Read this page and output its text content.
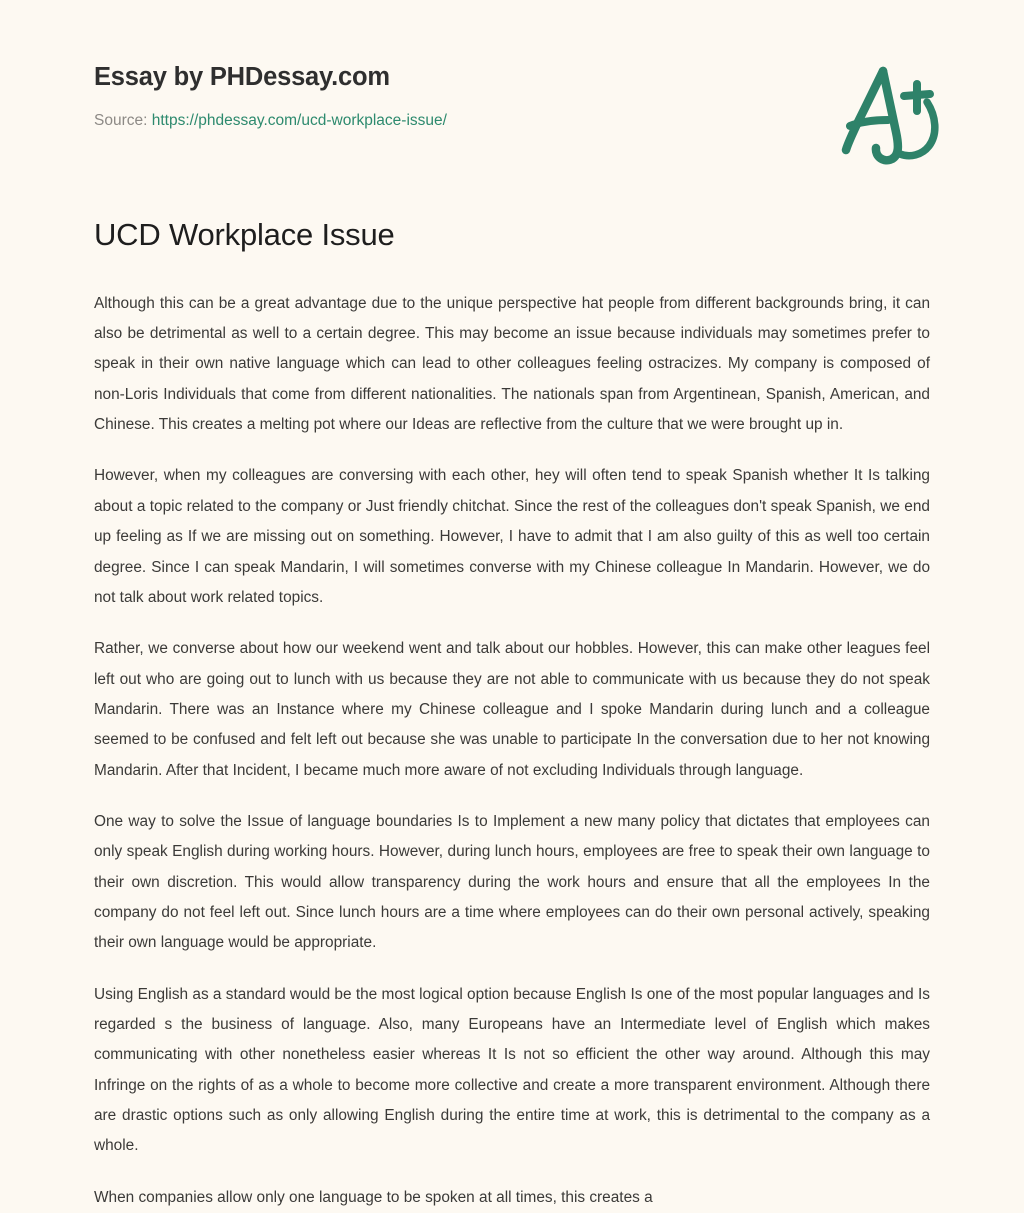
Essay by PHDessay.com
Source: https://phdessay.com/ucd-workplace-issue/
UCD Workplace Issue

Although this can be a great advantage due to the unique perspective hat people from different backgrounds bring, it can also be detrimental as well to a certain degree. This may become an issue because individuals may sometimes prefer to speak in their own native language which can lead to other colleagues feeling ostracizes. My company is composed of non-Loris Individuals that come from different nationalities. The nationals span from Argentinean, Spanish, American, and Chinese. This creates a melting pot where our Ideas are reflective from the culture that we were brought up in.

However, when my colleagues are conversing with each other, hey will often tend to speak Spanish whether It Is talking about a topic related to the company or Just friendly chitchat. Since the rest of the colleagues don't speak Spanish, we end up feeling as If we are missing out on something. However, I have to admit that I am also guilty of this as well too certain degree. Since I can speak Mandarin, I will sometimes converse with my Chinese colleague In Mandarin. However, we do not talk about work related topics.

Rather, we converse about how our weekend went and talk about our hobbles. However, this can make other leagues feel left out who are going out to lunch with us because they are not able to communicate with us because they do not speak Mandarin. There was an Instance where my Chinese colleague and I spoke Mandarin during lunch and a colleague seemed to be confused and felt left out because she was unable to participate In the conversation due to her not knowing Mandarin. After that Incident, I became much more aware of not excluding Individuals through language.

One way to solve the Issue of language boundaries Is to Implement a new many policy that dictates that employees can only speak English during working hours. However, during lunch hours, employees are free to speak their own language to their own discretion. This would allow transparency during the work hours and ensure that all the employees In the company do not feel left out. Since lunch hours are a time where employees can do their own personal actively, speaking their own language would be appropriate.

Using English as a standard would be the most logical option because English Is one of the most popular languages and Is regarded s the business of language. Also, many Europeans have an Intermediate level of English which makes communicating with other nonetheless easier whereas It Is not so efficient the other way around. Although this may Infringe on the rights of as a whole to become more collective and create a more transparent environment. Although there are drastic options such as only allowing English during the entire time at work, this is detrimental to the company as a whole.

When companies allow only one language to be spoken at all times, this creates a
